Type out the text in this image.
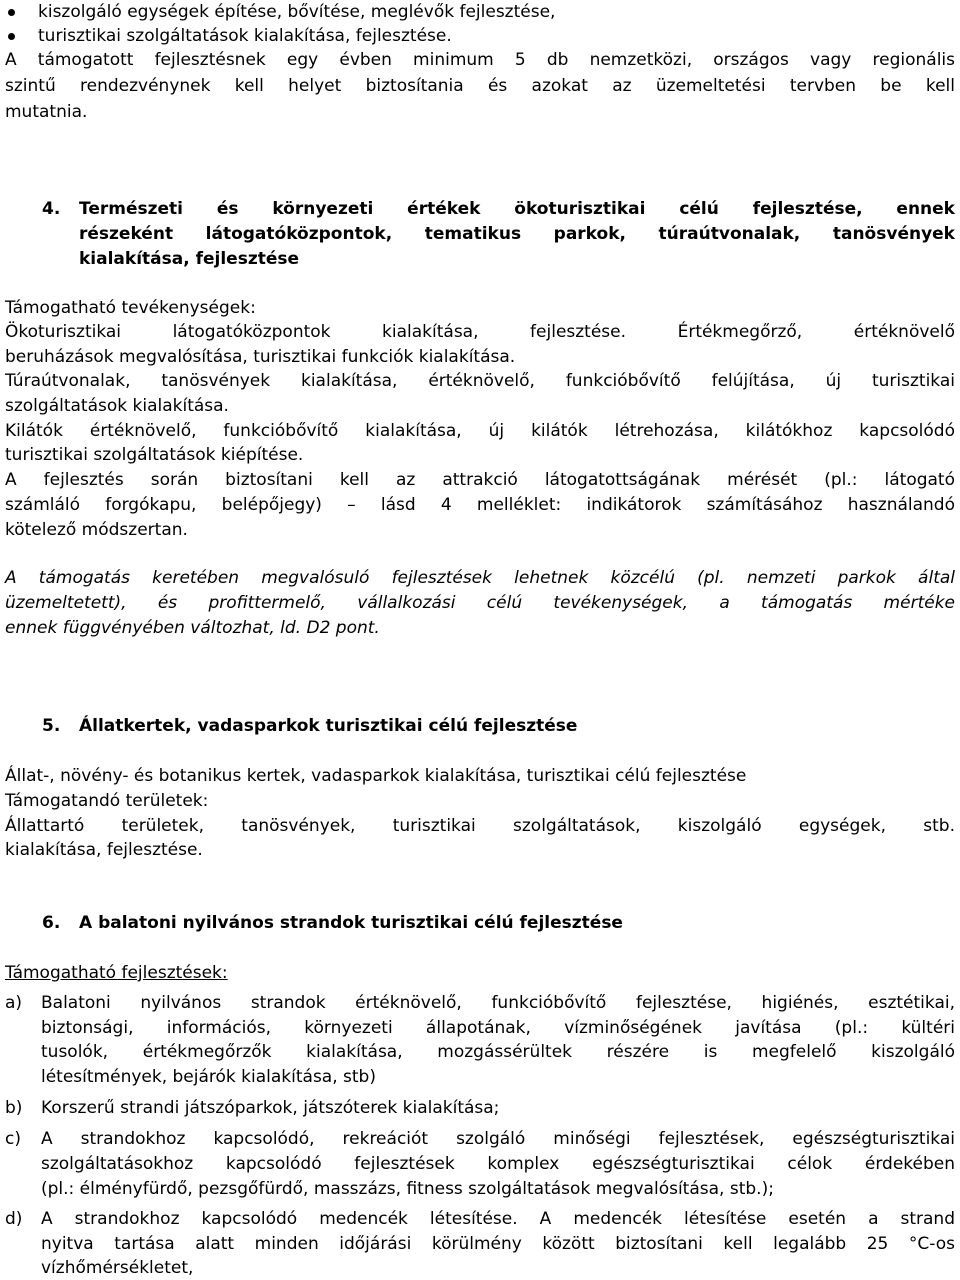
kiszolgáló egységek építése, bővítése, meglévők fejlesztése,
turisztikai szolgáltatások kialakítása, fejlesztése.
A támogatott fejlesztésnek egy évben minimum 5 db nemzetközi, országos vagy regionális
szintű rendezvénynek kell helyet biztosítania és azokat az üzemeltetési tervben be kell
mutatnia.
4. Természeti és környezeti értékek ökoturisztikai célú fejlesztése, ennek
részeként látogatóközpontok, tematikus parkok, túraútvonalak, tanösvények
kialakítása, fejlesztése
Támogatható tevékenységek:
Ökoturisztikai látogatóközpontok kialakítása, fejlesztése. Értékmegőrző, értéknövelő
beruházások megvalósítása, turisztikai funkciók kialakítása.
Túraútvonalak, tanösvények kialakítása, értéknövelő, funkcióbővítő felújítása, új turisztikai
szolgáltatások kialakítása.
Kilátók értéknövelő, funkcióbővítő kialakítása, új kilátók létrehozása, kilátókhoz kapcsolódó
turisztikai szolgáltatások kiépítése.
A fejlesztés során biztosítani kell az attrakció látogatottságának mérését (pl.: látogató
számláló forgókapu, belépőjegy) – lásd 4 melléklet: indikátorok számításához használandó
kötelező módszertan.
A támogatás keretében megvalósuló fejlesztések lehetnek közcélú (pl. nemzeti parkok által
üzemeltetett), és profittermelő, vállalkozási célú tevékenységek, a támogatás mértéke
ennek függvényében változhat, ld. D2 pont.
5. Állatkertek, vadasparkok turisztikai célú fejlesztése
Állat-, növény- és botanikus kertek, vadasparkok kialakítása, turisztikai célú fejlesztése
Támogatandó területek:
Állattartó területek, tanösvények, turisztikai szolgáltatások, kiszolgáló egységek, stb.
kialakítása, fejlesztése.
6. A balatoni nyilvános strandok turisztikai célú fejlesztése
Támogatható fejlesztések:
a) Balatoni nyilvános strandok értéknövelő, funkcióbővítő fejlesztése, higiénés, esztétikai,
biztonsági, információs, környezeti állapotának, vízminőségének javítása (pl.: kültéri
tusolók, értékmegőrzők kialakítása, mozgássérültek részére is megfelelő kiszolgáló
létesítmények, bejárók kialakítása, stb)
b) Korszerű strandi játszóparkok, játszóterek kialakítása;
c) A strandokhoz kapcsolódó, rekreációt szolgáló minőségi fejlesztések, egészségturisztikai
szolgáltatásokhoz kapcsolódó fejlesztések komplex egészségturisztikai célok érdekében
(pl.: élményfürdő, pezsgőfürdő, masszázs, fitness szolgáltatások megvalósítása, stb.);
d) A strandokhoz kapcsolódó medencék létesítése. A medencék létesítése esetén a strand
nyitva tartása alatt minden időjárási körülmény között biztosítani kell legalább 25 °C-os
vízhőmérsékletet,
